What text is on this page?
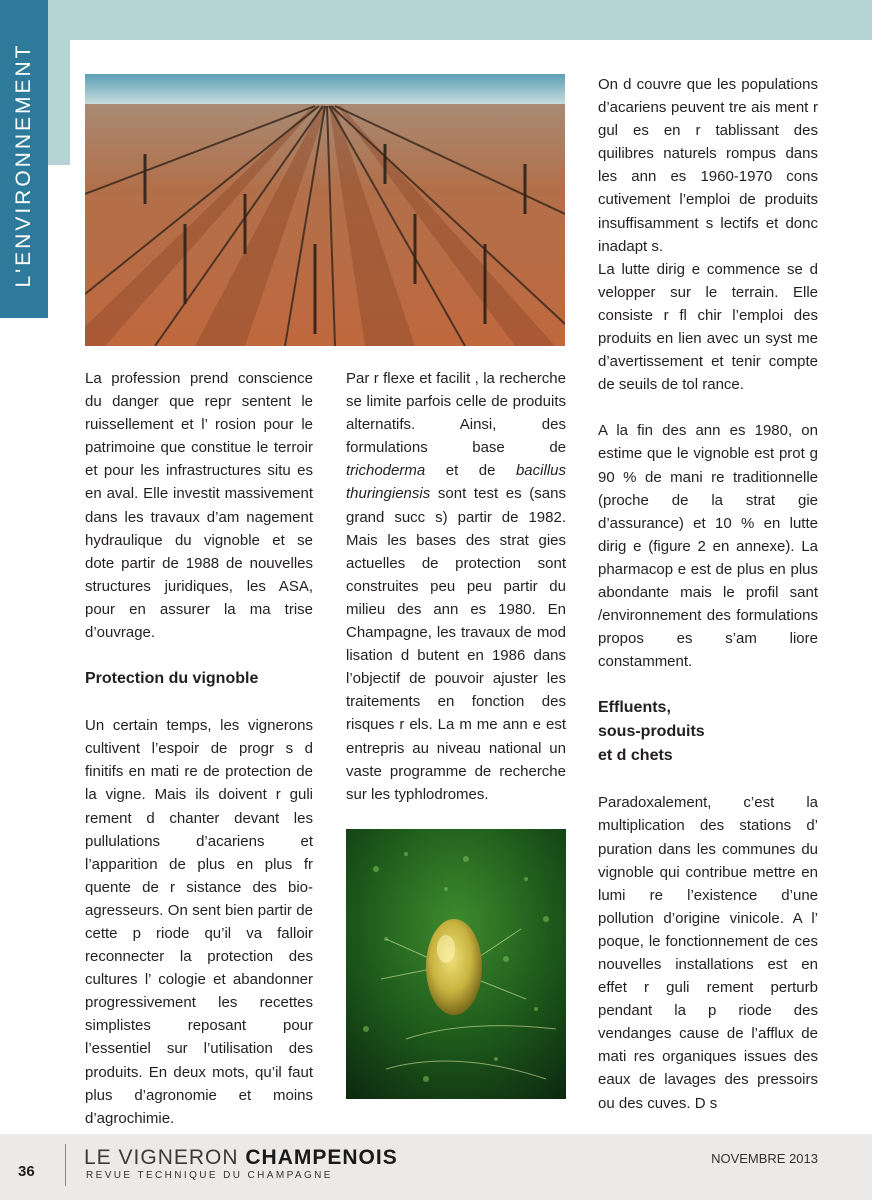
L'ENVIRONNEMENT

La profession prend conscience du danger que repr sentent le ruissellement et l’ rosion pour le patrimoine que constitue le terroir et pour les infrastructures situ es en aval. Elle investit massivement dans les travaux d’am nagement hydraulique du vignoble et se dote partir de 1988 de nouvelles structures juridiques, les ASA, pour en assurer la ma trise d’ouvrage.

Protection du vignoble

Un certain temps, les vignerons cultivent l’espoir de progr s d finitifs en mati re de protection de la vigne. Mais ils doivent r guli rement d chanter devant les pullulations d’acariens et l’apparition de plus en plus fr quente de r sistance des bio-agresseurs. On sent bien partir de cette p riode qu’il va falloir reconnecter la protection des cultures l’ cologie et abandonner progressivement les recettes simplistes reposant pour l’essentiel sur l’utilisation des produits. En deux mots, qu’il faut plus d’agronomie et moins d’agrochimie.

Par r flexe et facilit , la recherche se limite parfois celle de produits alternatifs. Ainsi, des formulations base de trichoderma et de bacillus thuringiensis sont test es (sans grand succ s) partir de 1982. Mais les bases des strat gies actuelles de protection sont construites peu peu partir du milieu des ann es 1980. En Champagne, les travaux de mod lisation d butent en 1986 dans l’objectif de pouvoir ajuster les traitements en fonction des risques r els. La m me ann e est entrepris au niveau national un vaste programme de recherche sur les typhlodromes.

On d couvre que les populations d’acariens peuvent tre ais ment r gul es en r tablissant des quilibres naturels rompus dans les ann es 1960-1970 cons cutivement l’emploi de produits insuffisamment s lectifs et donc inadapt s.

La lutte dirig e commence se d velopper sur le terrain. Elle consiste r fl chir l’emploi des produits en lien avec un syst me d’avertissement et tenir compte de seuils de tol rance.

A la fin des ann es 1980, on estime que le vignoble est prot g 90 % de mani re traditionnelle (proche de la strat gie d’assurance) et 10 % en lutte dirig e (figure 2 en annexe). La pharmacop e est de plus en plus abondante mais le profil sant /environnement des formulations propos es s’am liore constamment.

Effluents,
sous-produits
et d chets

Paradoxalement, c’est la multiplication des stations d’ puration dans les communes du vignoble qui contribue mettre en lumi re l’existence d’une pollution d’origine vinicole. A l’ poque, le fonctionnement de ces nouvelles installations est en effet r guli rement perturb pendant la p riode des vendanges cause de l’afflux de mati res organiques issues des eaux de lavages des pressoirs ou des cuves. D s

36
LE VIGNERON CHAMPENOIS
REVUE TECHNIQUE DU CHAMPAGNE
NOVEMBRE 2013
